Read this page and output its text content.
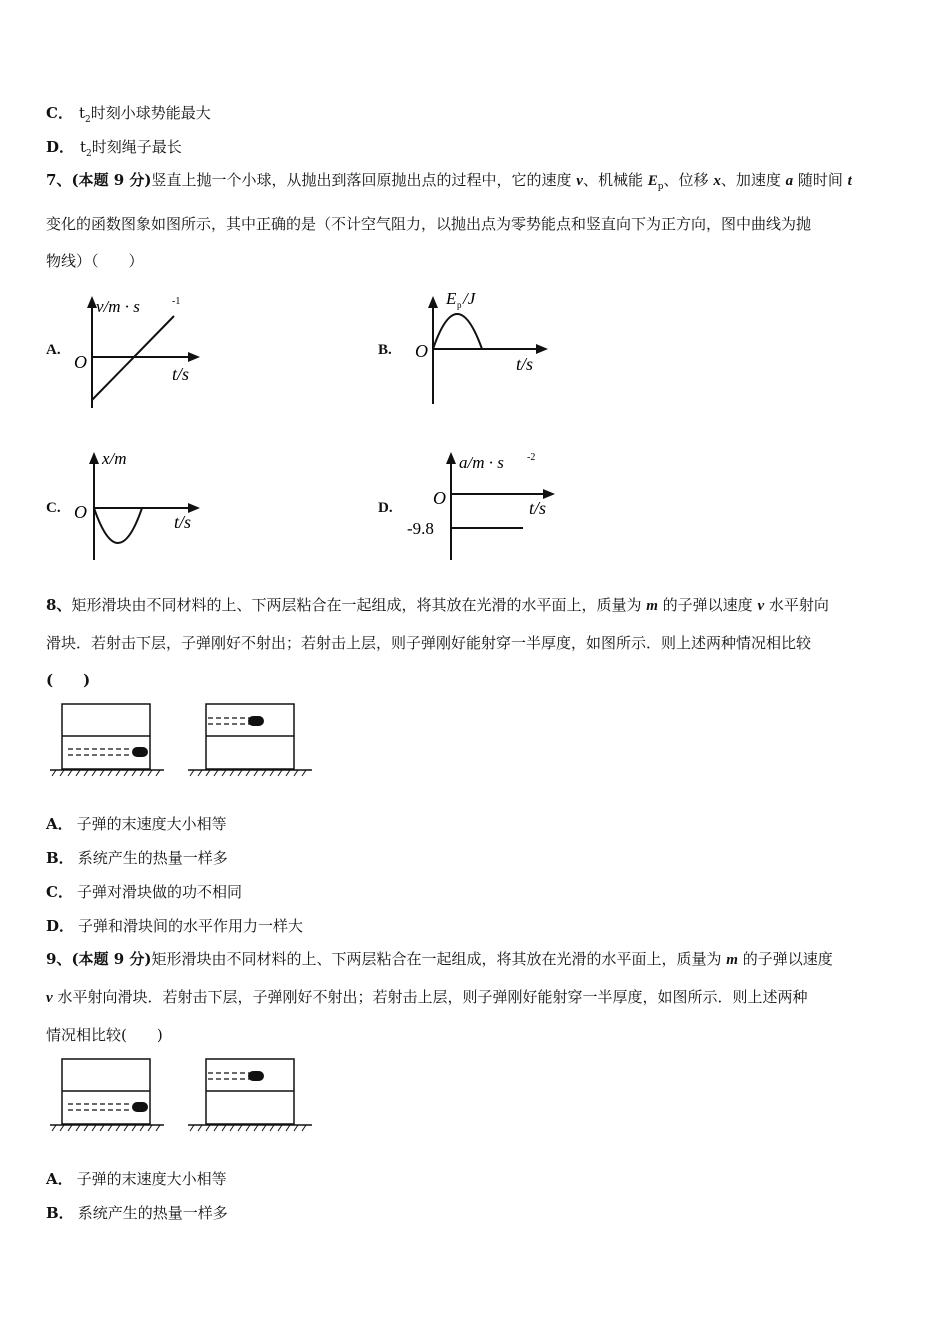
C． $t_2$时刻小球势能最大
D． $t_2$时刻绳子最长
7、(本题 9 分)竖直上抛一个小球，从抛出到落回原抛出点的过程中，它的速度 v、机械能 $E_p$、位移 x、加速度 a 随时间 t
变化的函数图象如图所示，其中正确的是（不计空气阻力，以抛出点为零势能点和竖直向下为正方向，图中曲线为抛
物线）（　　）
A.
v/m · s	-1
O
t/s
B.
E p /J
O
t/s
C.
x/m
O	t/s
D.
a/m · s -2
O	t/s
-9.8
8、矩形滑块由不同材料的上、下两层粘合在一起组成，将其放在光滑的水平面上，质量为 m 的子弹以速度 v 水平射向
滑块．若射击下层，子弹刚好不射出；若射击上层，则子弹刚好能射穿一半厚度，如图所示．则上述两种情况相比较
(　　)
A． 子弹的末速度大小相等
B． 系统产生的热量一样多
C． 子弹对滑块做的功不相同
D． 子弹和滑块间的水平作用力一样大
9、(本题 9 分)矩形滑块由不同材料的上、下两层粘合在一起组成，将其放在光滑的水平面上，质量为 m 的子弹以速度
v 水平射向滑块．若射击下层，子弹刚好不射出；若射击上层，则子弹刚好能射穿一半厚度，如图所示．则上述两种
情况相比较(　　)
A． 子弹的末速度大小相等
B． 系统产生的热量一样多
